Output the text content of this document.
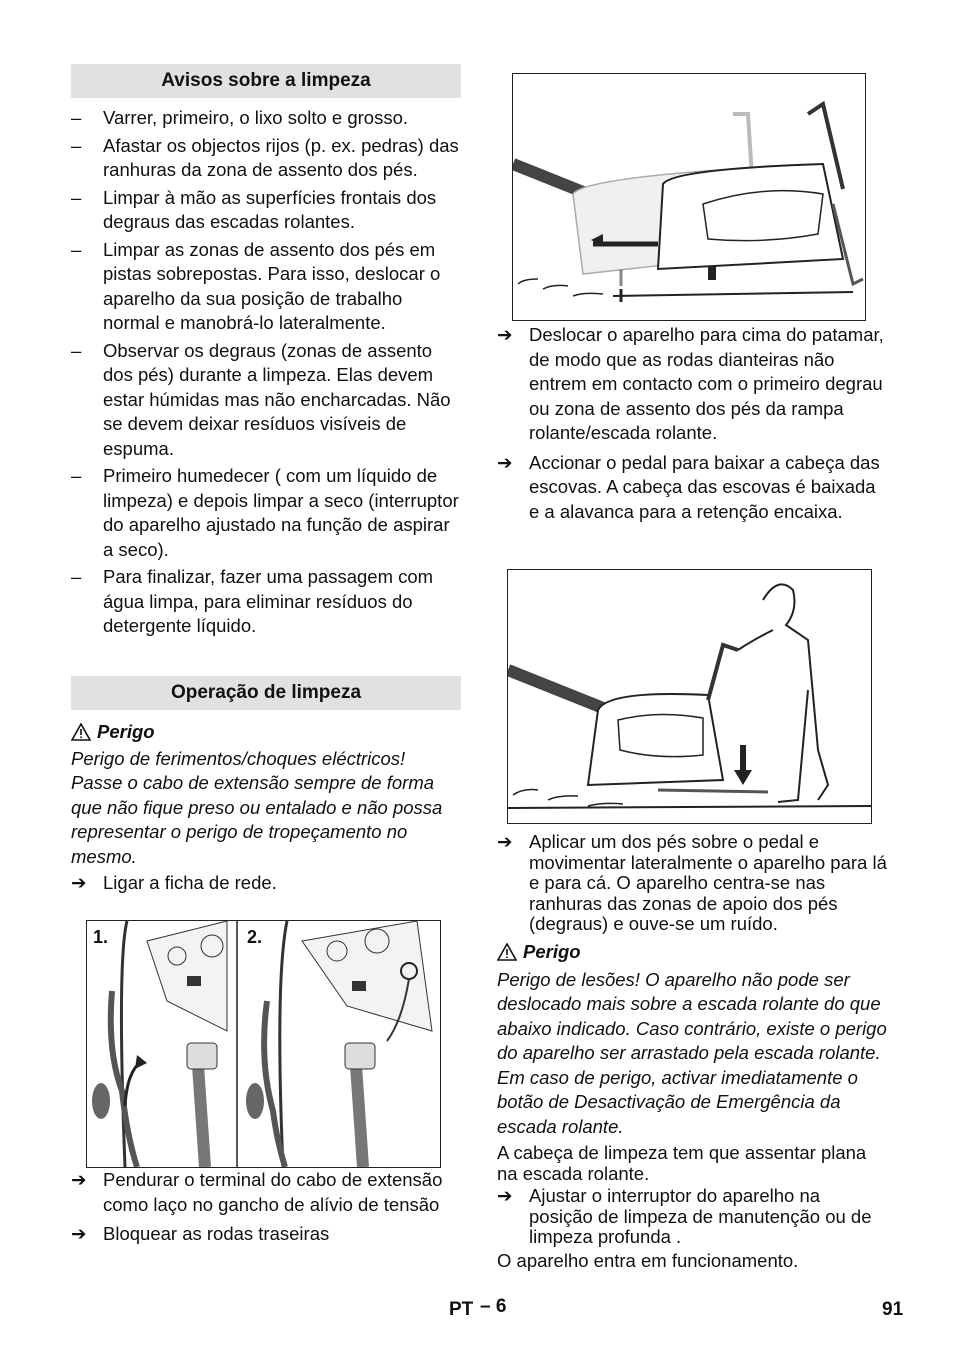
Avisos sobre a limpeza

– Varrer, primeiro, o lixo solto e grosso.

– Afastar os objectos rijos (p. ex. pedras) das ranhuras da zona de assento dos pés.

– Limpar à mão as superfícies frontais dos degraus das escadas rolantes.

– Limpar as zonas de assento dos pés em pistas sobrepostas. Para isso, deslocar o aparelho da sua posição de trabalho normal e manobrá-lo lateralmente.

– Observar os degraus (zonas de assento dos pés) durante a limpeza. Elas devem estar húmidas mas não encharcadas. Não se devem deixar resíduos visíveis de espuma.

– Primeiro humedecer ( com um líquido de limpeza) e depois limpar a seco (interruptor do aparelho ajustado na função de aspirar a seco).

– Para finalizar, fazer uma passagem com água limpa, para eliminar resíduos do detergente líquido.

Operação de limpeza
Perigo
Perigo de ferimentos/choques eléctricos! Passe o cabo de extensão sempre de forma que não fique preso ou entalado e não possa representar o perigo de tropeçamento no mesmo.
➔ Ligar a ficha de rede.
1.	2.
➔ Pendurar o terminal do cabo de extensão como laço no gancho de alívio de tensão
➔ Bloquear as rodas traseiras
➔ Deslocar o aparelho para cima do patamar, de modo que as rodas dianteiras não entrem em contacto com o primeiro degrau ou zona de assento dos pés da rampa rolante/escada rolante.
➔ Accionar o pedal para baixar a cabeça das escovas. A cabeça das escovas é baixada e a alavanca para a retenção encaixa.
➔ Aplicar um dos pés sobre o pedal e movimentar lateralmente o aparelho para lá e para cá. O aparelho centra-se nas ranhuras das zonas de apoio dos pés (degraus) e ouve-se um ruído.
Perigo
Perigo de lesões! O aparelho não pode ser deslocado mais sobre a escada rolante do que abaixo indicado. Caso contrário, existe o perigo do aparelho ser arrastado pela escada rolante. Em caso de perigo, activar imediatamente o botão de Desactivação de Emergência da escada rolante.

A cabeça de limpeza tem que assentar plana na escada rolante.

➔ Ajustar o interruptor do aparelho na posição de limpeza de manutenção ou de limpeza profunda .

O aparelho entra em funcionamento.

PT – 6	91
